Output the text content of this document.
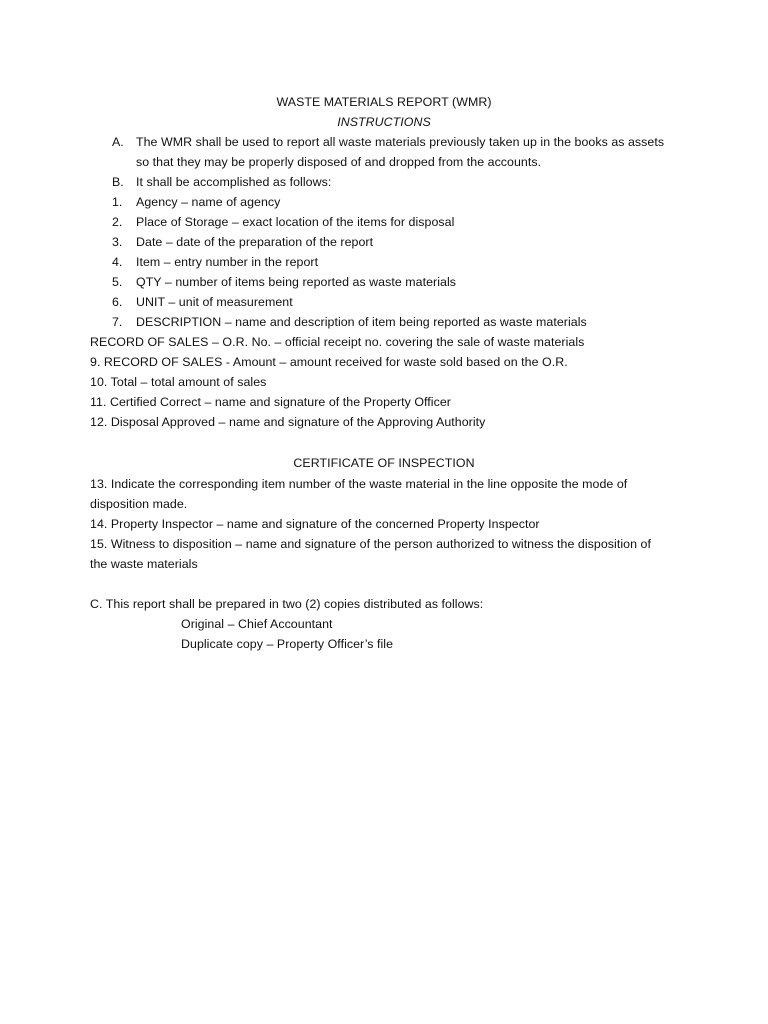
WASTE MATERIALS REPORT (WMR)
INSTRUCTIONS
A. The WMR shall be used to report all waste materials previously taken up in the books as assets
so that they may be properly disposed of and dropped from the accounts.
B. It shall be accomplished as follows:
1. Agency – name of agency
2. Place of Storage – exact location of the items for disposal
3. Date – date of the preparation of the report
4. Item – entry number in the report
5. QTY – number of items being reported as waste materials
6. UNIT – unit of measurement
7. DESCRIPTION – name and description of item being reported as waste materials
RECORD OF SALES – O.R. No. – official receipt no. covering the sale of waste materials
9. RECORD OF SALES - Amount – amount received for waste sold based on the O.R.
10. Total – total amount of sales
11. Certified Correct – name and signature of the Property Officer
12. Disposal Approved – name and signature of the Approving Authority
CERTIFICATE OF INSPECTION
13. Indicate the corresponding item number of the waste material in the line opposite the mode of
disposition made.
14. Property Inspector – name and signature of the concerned Property Inspector
15. Witness to disposition – name and signature of the person authorized to witness the disposition of
the waste materials
C. This report shall be prepared in two (2) copies distributed as follows:
Original – Chief Accountant
Duplicate copy – Property Officer’s file
